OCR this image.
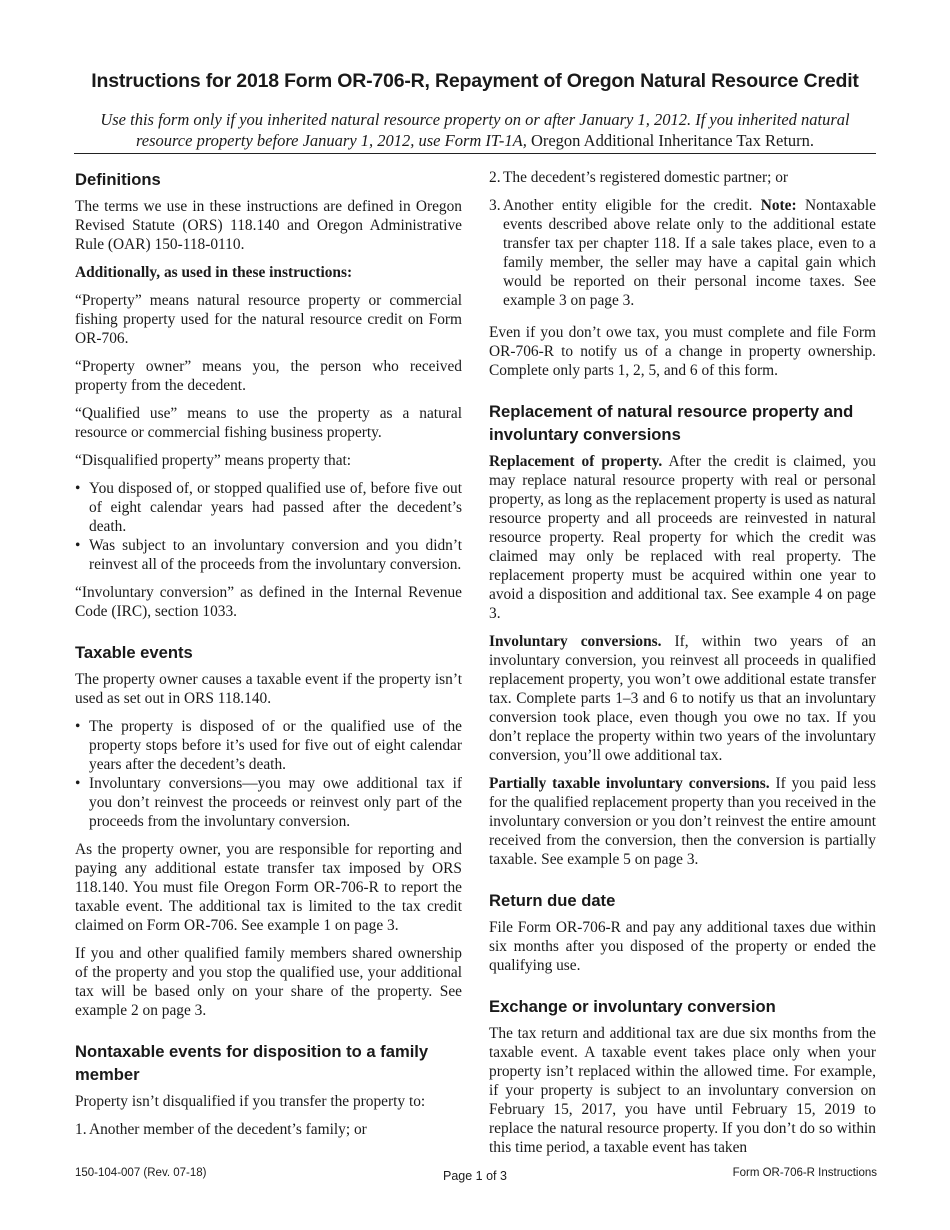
Instructions for 2018 Form OR-706-R, Repayment of Oregon Natural Resource Credit

Use this form only if you inherited natural resource property on or after January 1, 2012. If you inherited natural resource property before January 1, 2012, use Form IT-1A, Oregon Additional Inheritance Tax Return.

Definitions

The terms we use in these instructions are defined in Oregon Revised Statute (ORS) 118.140 and Oregon Administrative Rule (OAR) 150-118-0110.

Additionally, as used in these instructions:

“Property” means natural resource property or commercial fishing property used for the natural resource credit on Form OR-706.

“Property owner” means you, the person who received property from the decedent.

“Qualified use” means to use the property as a natural resource or commercial fishing business property.

“Disqualified property” means property that:

• You disposed of, or stopped qualified use of, before five out of eight calendar years had passed after the decedent’s death.
• Was subject to an involuntary conversion and you didn’t reinvest all of the proceeds from the involuntary conversion.

“Involuntary conversion” as defined in the Internal Revenue Code (IRC), section 1033.

Taxable events

The property owner causes a taxable event if the property isn’t used as set out in ORS 118.140.

• The property is disposed of or the qualified use of the property stops before it’s used for five out of eight calendar years after the decedent’s death.
• Involuntary conversions—you may owe additional tax if you don’t reinvest the proceeds or reinvest only part of the proceeds from the involuntary conversion.

As the property owner, you are responsible for reporting and paying any additional estate transfer tax imposed by ORS 118.140. You must file Oregon Form OR-706-R to report the taxable event. The additional tax is limited to the tax credit claimed on Form OR-706. See example 1 on page 3.

If you and other qualified family members shared ownership of the property and you stop the qualified use, your additional tax will be based only on your share of the property. See example 2 on page 3.

Nontaxable events for disposition to a family member

Property isn’t disqualified if you transfer the property to:

1. Another member of the decedent’s family; or
2. The decedent’s registered domestic partner; or
3. Another entity eligible for the credit. Note: Nontaxable events described above relate only to the additional estate transfer tax per chapter 118. If a sale takes place, even to a family member, the seller may have a capital gain which would be reported on their personal income taxes. See example 3 on page 3.

Even if you don’t owe tax, you must complete and file Form OR-706-R to notify us of a change in property ownership. Complete only parts 1, 2, 5, and 6 of this form.

Replacement of natural resource property and involuntary conversions

Replacement of property. After the credit is claimed, you may replace natural resource property with real or personal property, as long as the replacement property is used as natural resource property and all proceeds are reinvested in natural resource property. Real property for which the credit was claimed may only be replaced with real property. The replacement property must be acquired within one year to avoid a disposition and additional tax. See example 4 on page 3.

Involuntary conversions. If, within two years of an involuntary conversion, you reinvest all proceeds in qualified replacement property, you won’t owe additional estate transfer tax. Complete parts 1–3 and 6 to notify us that an involuntary conversion took place, even though you owe no tax. If you don’t replace the property within two years of the involuntary conversion, you’ll owe additional tax.

Partially taxable involuntary conversions. If you paid less for the qualified replacement property than you received in the involuntary conversion or you don’t reinvest the entire amount received from the conversion, then the conversion is partially taxable. See example 5 on page 3.

Return due date

File Form OR-706-R and pay any additional taxes due within six months after you disposed of the property or ended the qualifying use.

Exchange or involuntary conversion

The tax return and additional tax are due six months from the taxable event. A taxable event takes place only when your property isn’t replaced within the allowed time. For example, if your property is subject to an involuntary conversion on February 15, 2017, you have until February 15, 2019 to replace the natural resource property. If you don’t do so within this time period, a taxable event has taken

150-104-007 (Rev. 07-18)	Page 1 of 3	Form OR-706-R Instructions
